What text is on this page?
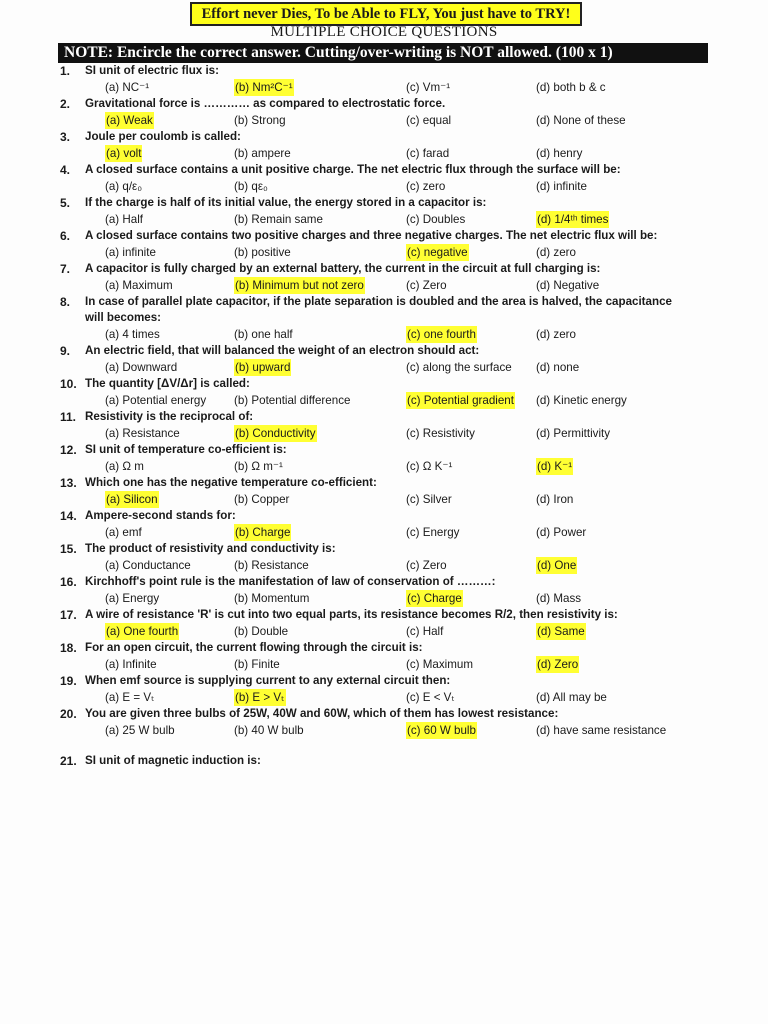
Effort never Dies, To be Able to FLY, You just have to TRY!
MULTIPLE CHOICE QUESTIONS
NOTE: Encircle the correct answer. Cutting/over-writing is NOT allowed. (100 x 1)
1.	SI unit of electric flux is:
(a) NC⁻¹	(b) Nm²C⁻¹	(c) Vm⁻¹	(d) both b & c
2.	Gravitational force is ………… as compared to electrostatic force.
(a) Weak	(b) Strong	(c) equal	(d) None of these
3.	Joule per coulomb is called:
(a) volt	(b) ampere	(c) farad	(d) henry
4.	A closed surface contains a unit positive charge. The net electric flux through the surface will be:
(a) q/ε₀	(b) qε₀	(c) zero	(d) infinite
5.	If the charge is half of its initial value, the energy stored in a capacitor is:
(a) Half	(b) Remain same	(c) Doubles	(d) 1/4ᵗʰ times
6.	A closed surface contains two positive charges and three negative charges. The net electric flux will be:
(a) infinite	(b) positive	(c) negative	(d) zero
7.	A capacitor is fully charged by an external battery, the current in the circuit at full charging is:
(a) Maximum	(b) Minimum but not zero	(c) Zero	(d) Negative
8.	In case of parallel plate capacitor, if the plate separation is doubled and the area is halved, the capacitance will becomes:
(a) 4 times	(b) one half	(c) one fourth	(d) zero
9.	An electric field, that will balanced the weight of an electron should act:
(a) Downward	(b) upward	(c) along the surface (d) none
10. The quantity [ΔV/Δr] is called:
(a) Potential energy (b) Potential difference	(c) Potential gradient (d) Kinetic energy
11. Resistivity is the reciprocal of:
(a) Resistance	(b) Conductivity	(c) Resistivity	(d) Permittivity
12. SI unit of temperature co-efficient is:
(a) Ω m	(b) Ω m⁻¹	(c) Ω K⁻¹	(d) K⁻¹
13. Which one has the negative temperature co-efficient:
(a) Silicon	(b) Copper	(c) Silver	(d) Iron
14. Ampere-second stands for:
(a) emf	(b) Charge	(c) Energy	(d) Power
15. The product of resistivity and conductivity is:
(a) Conductance	(b) Resistance	(c) Zero	(d) One
16. Kirchhoff's point rule is the manifestation of law of conservation of ………:
(a) Energy	(b) Momentum	(c) Charge	(d) Mass
17. A wire of resistance 'R' is cut into two equal parts, its resistance becomes R/2, then resistivity is:
(a) One fourth	(b) Double	(c) Half	(d) Same
18. For an open circuit, the current flowing through the circuit is:
(a) Infinite	(b) Finite	(c) Maximum	(d) Zero
19. When emf source is supplying current to any external circuit then:
(a) E = Vₜ	(b) E > Vₜ	(c) E < Vₜ	(d) All may be
20. You are given three bulbs of 25W, 40W and 60W, which of them has lowest resistance:
(a) 25 W bulb	(b) 40 W bulb	(c) 60 W bulb	(d) have same resistance
21. SI unit of magnetic induction is:
